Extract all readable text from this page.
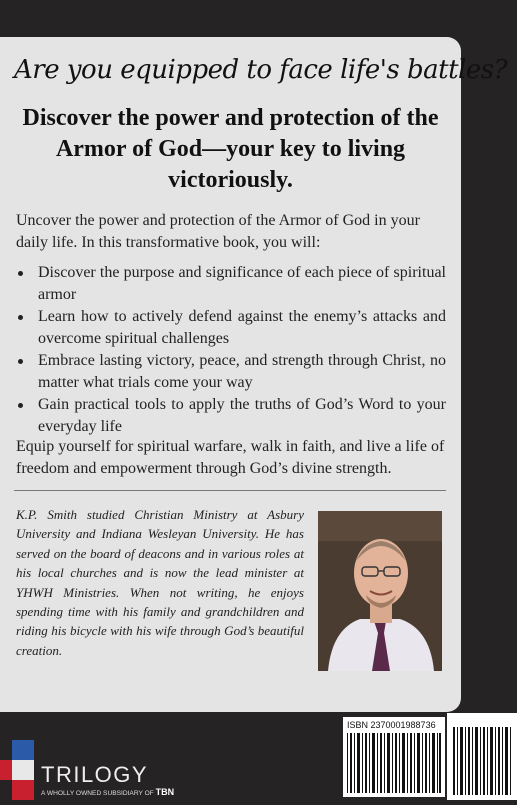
Are you equipped to face life's battles?
Discover the power and protection of the Armor of God—your key to living victoriously.
Uncover the power and protection of the Armor of God in your daily life. In this transformative book, you will:
Discover the purpose and significance of each piece of spiritual armor
Learn how to actively defend against the enemy’s attacks and overcome spiritual challenges
Embrace lasting victory, peace, and strength through Christ, no matter what trials come your way
Gain practical tools to apply the truths of God’s Word to your everyday life
Equip yourself for spiritual warfare, walk in faith, and live a life of freedom and empowerment through God’s divine strength.
K.P. Smith studied Christian Ministry at Asbury University and Indiana Wesleyan University. He has served on the board of deacons and in various roles at his local churches and is now the lead minister at YHWH Ministries. When not writing, he enjoys spending time with his family and grandchildren and riding his bicycle with his wife through God’s beautiful creation.
ISBN 2370001988736
TRILOGY
A WHOLLY OWNED SUBSIDIARY OF TBN
